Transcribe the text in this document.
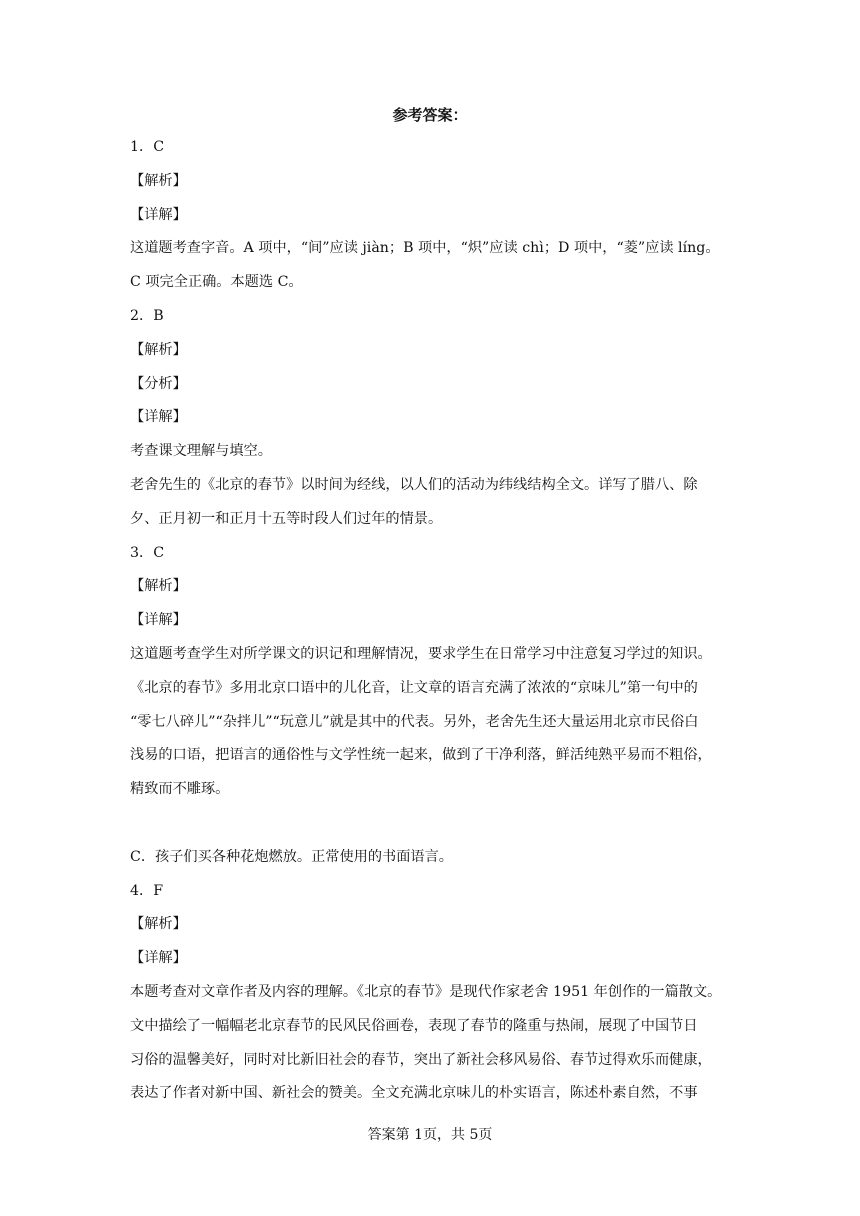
参考答案：
1．C
【解析】
【详解】
这道题考查字音。A 项中，“间”应读 jiàn；B 项中，“炽”应读 chì；D 项中，“菱”应读 líng。
C 项完全正确。本题选 C。
2．B
【解析】
【分析】
【详解】
考查课文理解与填空。
老舍先生的《北京的春节》以时间为经线，以人们的活动为纬线结构全文。详写了腊八、除
夕、正月初一和正月十五等时段人们过年的情景。
3．C
【解析】
【详解】
这道题考查学生对所学课文的识记和理解情况，要求学生在日常学习中注意复习学过的知识。
《北京的春节》多用北京口语中的儿化音，让文章的语言充满了浓浓的“京味儿”第一句中的
“零七八碎儿”“杂拌儿”“玩意儿”就是其中的代表。另外，老舍先生还大量运用北京市民俗白
浅易的口语，把语言的通俗性与文学性统一起来，做到了干净利落，鲜活纯熟平易而不粗俗，
精致而不雕琢。
C．孩子们买各种花炮燃放。正常使用的书面语言。
4．F
【解析】
【详解】
本题考查对文章作者及内容的理解。《北京的春节》是现代作家老舍 1951 年创作的一篇散文。
文中描绘了一幅幅老北京春节的民风民俗画卷，表现了春节的隆重与热闹，展现了中国节日
习俗的温馨美好，同时对比新旧社会的春节，突出了新社会移风易俗、春节过得欢乐而健康，
表达了作者对新中国、新社会的赞美。全文充满北京味儿的朴实语言，陈述朴素自然，不事
答案第 1页，共 5页
